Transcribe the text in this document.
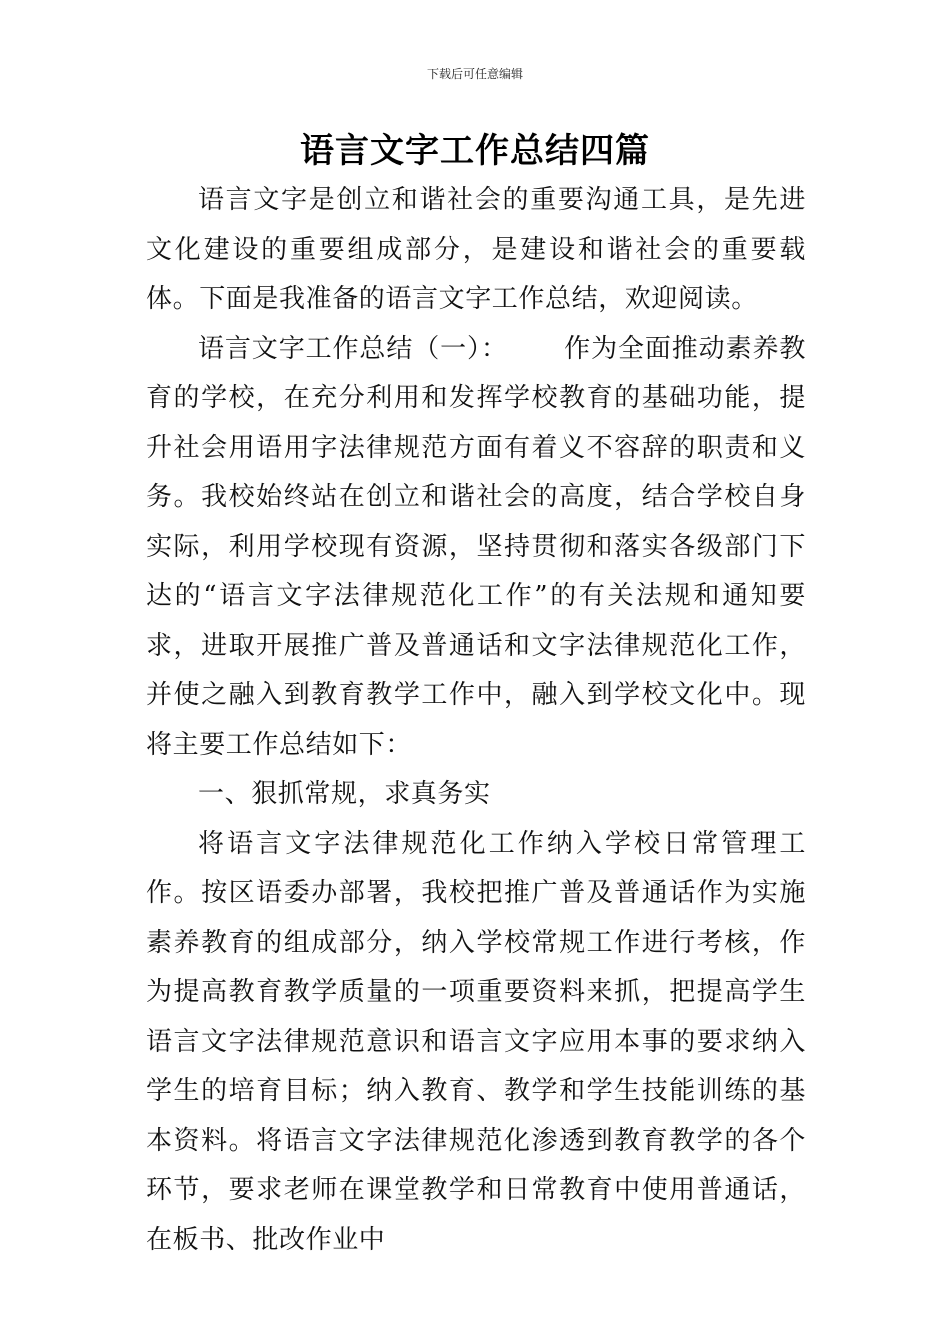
下载后可任意编辑
语言文字工作总结四篇

语言文字是创立和谐社会的重要沟通工具，是先进文化建设的重要组成部分，是建设和谐社会的重要载体。下面是我准备的语言文字工作总结，欢迎阅读。

语言文字工作总结（一）： 作为全面推动素养教育的学校，在充分利用和发挥学校教育的基础功能，提升社会用语用字法律规范方面有着义不容辞的职责和义务。我校始终站在创立和谐社会的高度，结合学校自身实际，利用学校现有资源，坚持贯彻和落实各级部门下达的“语言文字法律规范化工作”的有关法规和通知要求，进取开展推广普及普通话和文字法律规范化工作，并使之融入到教育教学工作中，融入到学校文化中。现将主要工作总结如下：

一、狠抓常规，求真务实

将语言文字法律规范化工作纳入学校日常管理工作。按区语委办部署，我校把推广普及普通话作为实施素养教育的组成部分，纳入学校常规工作进行考核，作为提高教育教学质量的一项重要资料来抓，把提高学生语言文字法律规范意识和语言文字应用本事的要求纳入学生的培育目标；纳入教育、教学和学生技能训练的基本资料。将语言文字法律规范化渗透到教育教学的各个环节，要求老师在课堂教学和日常教育中使用普通话，在板书、批改作业中
